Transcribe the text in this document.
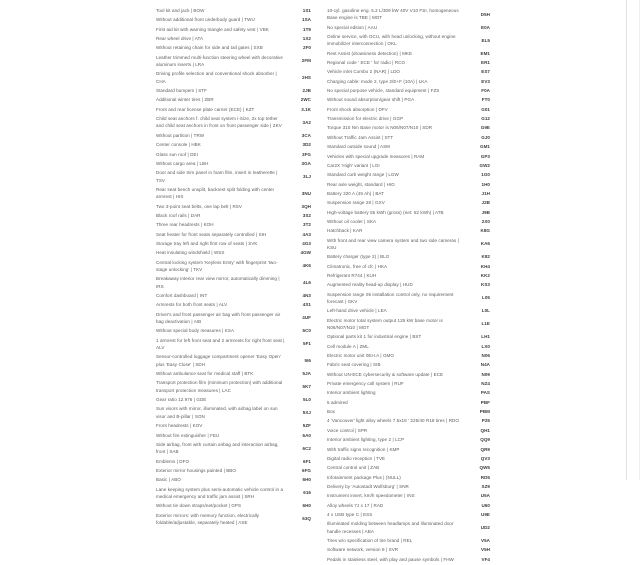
Tool kit and jack | BOW	1S1
Without additional front underbody guard | TWU	1SA
First aid kit with warning triangle and safety vest | VBK	1T9
Rear wheel drive | ATA	1X2
Without retaining chain for side and tail gates | SXB	2F0
Leather trimmed multi-function steering wheel with decorative aluminum inserts | LRA	2FM
Driving profile selection and conventional shock absorber | CHA	2HS
Standard bumpers | STF	2JB
Additional winter tires | ZBR	2WC
Front and rear license plate carrier (ECE) | KZT	3.1K
Child seat anchors f. child seat system i-Size, 2x top tether and child seat anchors in front on front passenger side | ZKV	3A2
Without partition | TRW	3CA
Center console | HBK	3D2
Glass sun roof | DEI	3FG
Without cargo area | LBH	3GA
Door and side trim panel in foam film, insert in leatherette | TSV	3LJ
Rear seat bench unsplit, backrest split folding with center armrest | HIS	3NU
Two 3-point seat belts, one lap belt | RSV	3QH
Black roof rails | DAR	3S2
Three rear headrests | KOH	3T2
Seat heater for front seats separately controlled | SIH	4A3
Storage tray left and right first row of seats | SVK	4G3
Heat insulating windshield | WSS	4GW
Central locking system 'Keyless Entry' with fingerprint 'two-stage unlocking' | TKV	4K6
Breakaway interior rear view mirror, automatically dimming | IRS	4L6
Comfort dashboard | INT	4N3
Armrests for both front seats | ALV	4S1
Driver's and front passenger air bag with front passenger air bag deactivation | AIB	4UF
Without special body measures | KSA	5C0
1 armrest for left front seat and 2 armrests for right front seat | ALV	5F1
Sensor-controlled luggage compartment opener 'Easy Open' plus 'Easy Close' | SDH	5I6
Without ambulance seat for medical staff | BTK	5JA
Transport protection film (minimum protection) with additional transport protection measures | LAC	5K7
Gear ratio 12.976 | GDE	5L0
Sun visors with mirror, illuminated, with airbag label on sun visor and B-pillar | SON	5XJ
Front headrests | KOV	5ZF
Without fire extinguisher | FEU	6A0
Side airbag, front with curtain airbag and interaction airbag, front | SAB	6C2
Emblems | DFO	6F1
Exterior mirror housings painted | BBO	6FG
Basic | ABO	6H0
Lane keeping system plus semi-automatic vehicle control in a medical emergency and traffic jam assist | SRH	616
Without tie down straps/net/pocket | GPS	6H0
Exterior mirrors: with memory function, electrically foldable/adjustable, separately heated | ASE	63Q
10-cyl. gasoline eng. 5.2 L/309 kW 40V V10 FSI, homogeneous Base engine is TBE | MOT	D5H
No special edition | AAU	E0A
Online service, with OCU, with head unlocking, without engine immobilizer interconnection | OKL	EL5
Rest Assist (drowsiness detection) | MKE	EM1
Regional code ' ECE ' for radio | RCO	ER1
Vehicle inlet Combo 2 (NAR) | LDO	ES7
Charging cable: mode 2, type 2/E+F (10A) | LKA	EV3
No special purpose vehicle, standard equipment | FZS	F0A
Without sound absorption/gear shift | PGA	FT0
Front shock absorption | DFV	G01
Transmission for electric drive | GGP	G12
Torque 310 Nm Base motor is N06/N07/N10 | SDR	G9E
Without Traffic Jam Assist | STT	GJ0
Standard outside sound | ASM	GM1
Vehicles with special upgrade measures | RAM	GP3
Car2X 'High' variant | LGI	GW2
Standard curb weight range | LGW	1G0
Rear axle weight, standard | HIG	1H0
Battery 320 A (49 Ah) | BAT	J1H
Suspension range 28 | GXV	J2B
High-voltage battery 55 kWh (gross) (net: 52 kWh) | ATB	J9B
Without oil cooler | SKA	2X0
Hatchback | KAR	K8G
With front and rear view camera system and two side cameras | KSU	KA6
Battery charger (type 2) | BLG	K82
Climatronic, free of cfc | HKA	KH4
Refrigerant R744 | KUH	KK2
Augmented reality head-up display | HUD	KS3
Suspension range 05 installation control only, no requirement forecast | GKV	L05
Left-hand drive vehicle | LEA	L0L
Electric motor total system output 125 kW base motor is N06/N07/N10 | MOT	L1E
Optional parts kit 1 for industrial engine | BST	LH1
Cell module A | ZML	LX0
Electric motor unit 0EH.A | GMO	N06
Fabric seat covering | SIB	N4A
Without UN-ECE cybersecurity & software update | ECE	N09
Private emergency call system | RUF	NZ4
Interior ambient lighting	PAS
5 admired	PBF
Box	PBM
4 'Vancouver' light alloy wheels 7.5x18 ' 225/40 R18 tires | RDO	P25
Voice control | SPR	QH1
Interior ambient lighting, type 2 | LCP	QQ9
With traffic signs recognition | KMP	QR9
Digital radio reception | TVE	QV3
Central control unit | ZAB	QW5
Infotainment package Plus | (NULL)	RD5
Delivery by 'Autostadt Wolfsburg' | SNR	SZ9
Instrument insert, km/h speedometer | INS	U5A
Alloy wheels 7J x 17 | RAD	U60
4 x USB type C | ESS	U9E
Illuminated molding between headlamps and illuminated door handle recesses | ABA	UD2
Tires w/o specification of tire brand | REL	V5A
Software network, version 8 | SVR	V5H
Pedals in stainless steel, with play and pause symbols | FHW	VF4
